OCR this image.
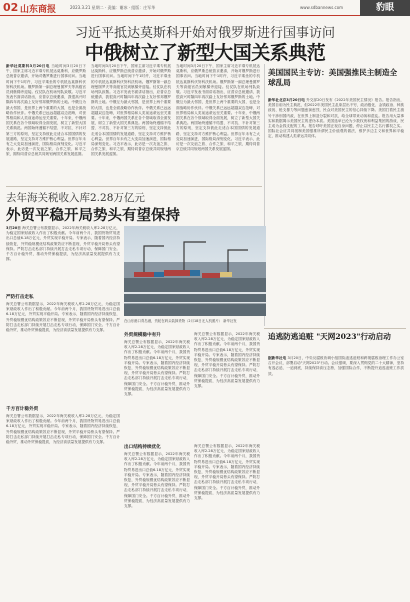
02 山东商报	2023.3.21 星期二 · 责编：谢冰 · 组版：庄军华	www.sdbannews.com	豹眼
习近平抵达莫斯科开始对俄罗斯进行国事访问
中俄树立了新型大国关系典范
新华社莫斯科3月20日电 当地时间3月20日下午，国家主席习近平乘专机抵达莫斯科，应俄罗斯总统普京邀请，开始对俄罗斯进行国事访问。当地时间下午1时许，习近平乘坐的专机抵达莫斯科伏努科沃机场。俄罗斯第一副总理曼图罗夫等高级官员到舷梯旁迎接。仪仗队在机场列队致敬。习近平发表书面讲话指出，应普京总统邀请，我很高兴时隔四年再次踏上友好邻邦俄罗斯的土地。中俄互为最大邻国，是世界上两个重要的大国，也是全面战略协作伙伴。中俄关系已远远超越双边范畴，对世界格局和人类前途命运至关重要。十年来，中俄两国关系在各个领域取得全面发展，树立了新型大国关系典范。两国始终遵循不结盟、不对抗、不针对第三方的原则，坚定支持彼此走适合本国国情的发展道路，坚定支持对方维护核心利益。世界百年未有之大变局加速演进，国际格局深刻变化。习近平表示，此访是一次友谊之旅、合作之旅、和平之旅，期待同普京总统共同规划两国关系发展蓝图。
当地时间3月20日下午，国家主席习近平乘专机抵达莫斯科，应俄罗斯总统普京邀请，开始对俄罗斯进行国事访问。当地时间下午1时许，习近平乘坐的专机抵达莫斯科伏努科沃机场。俄罗斯第一副总理曼图罗夫等高级官员到舷梯旁迎接。仪仗队在机场列队致敬。习近平发表书面讲话指出，应普京总统邀请，我很高兴时隔四年再次踏上友好邻邦俄罗斯的土地。中俄互为最大邻国，是世界上两个重要的大国，也是全面战略协作伙伴。中俄关系已远远超越双边范畴，对世界格局和人类前途命运至关重要。十年来，中俄两国关系在各个领域取得全面发展，树立了新型大国关系典范。两国始终遵循不结盟、不对抗、不针对第三方的原则，坚定支持彼此走适合本国国情的发展道路，坚定支持对方维护核心利益。世界百年未有之大变局加速演进，国际格局深刻变化。习近平表示，此访是一次友谊之旅、合作之旅、和平之旅，期待同普京总统共同规划两国关系发展蓝图。
当地时间3月20日下午，国家主席习近平乘专机抵达莫斯科，应俄罗斯总统普京邀请，开始对俄罗斯进行国事访问。当地时间下午1时许，习近平乘坐的专机抵达莫斯科伏努科沃机场。俄罗斯第一副总理曼图罗夫等高级官员到舷梯旁迎接。仪仗队在机场列队致敬。习近平发表书面讲话指出，应普京总统邀请，我很高兴时隔四年再次踏上友好邻邦俄罗斯的土地。中俄互为最大邻国，是世界上两个重要的大国，也是全面战略协作伙伴。中俄关系已远远超越双边范畴，对世界格局和人类前途命运至关重要。十年来，中俄两国关系在各个领域取得全面发展，树立了新型大国关系典范。两国始终遵循不结盟、不对抗、不针对第三方的原则，坚定支持彼此走适合本国国情的发展道路，坚定支持对方维护核心利益。世界百年未有之大变局加速演进，国际格局深刻变化。习近平表示，此访是一次友谊之旅、合作之旅、和平之旅，期待同普京总统共同规划两国关系发展蓝图。
美国国民主专访：美国强推民主制造全球乱局
新华社北京3月20日电 外交部20日发布《2022年美国民主情况》报告。报告指出，美国自诩为民主典范，但2022年美国民主乱象层出不穷，政治极化、金钱政治、种族歧视、枪支暴力等问题愈演愈烈，民众对美国民主的信心持续下降。美国打着民主旗号干涉别国内政，在世界上制造分裂和对抗，给全球带来动荡和混乱。报告用大量事实和数据揭示美国民主的虚伪本质。美国选举已沦为少数权贵和利益集团的游戏，民主成为金钱支配的工具。报告呼吁美国正视自身问题，停止以民主之名行霸权之实。国际社会应共同抵制美国强推所谓民主价值观的做法，维护多边主义和世界和平稳定，推动构建人类命运共同体。
去年海关税收入库2.28万亿元
外贸平稳开局势头有望保持
3月20日 海关总署公布数据显示，2022年海关税收入库2.28万亿元，为稳定国家财政收入作出了积极贡献。今年前两个月，我国货物贸易进出口总值6.18万亿元，外贸实现平稳开局。专家表示，随着国内经济持续恢复，外贸稳规模优结构政策效应不断显现，外贸平稳开局势头有望保持。严防打击走私部门持续开展打击走私专项行动，保障国门安全。千方百计稳外贸，推动外贸保稳提质，为经济高质量发展提供有力支撑。
严防打击走私
海关总署公布数据显示，2022年海关税收入库2.28万亿元，为稳定国家财政收入作出了积极贡献。今年前两个月，我国货物贸易进出口总值6.18万亿元，外贸实现平稳开局。专家表示，随着国内经济持续恢复，外贸稳规模优结构政策效应不断显现，外贸平稳开局势头有望保持。严防打击走私部门持续开展打击走私专项行动，保障国门安全。千方百计稳外贸，推动外贸保稳提质，为经济高质量发展提供有力支撑。
千方百计稳外贸
海关总署公布数据显示，2022年海关税收入库2.28万亿元，为稳定国家财政收入作出了积极贡献。今年前两个月，我国货物贸易进出口总值6.18万亿元，外贸实现平稳开局。专家表示，随着国内经济持续恢复，外贸稳规模优结构政策效应不断显现，外贸平稳开局势头有望保持。严防打击走私部门持续开展打击走私专项行动，保障国门安全。千方百计稳外贸，推动外贸保稳提质，为经济高质量发展提供有力支撑。
在山东港口青岛港，货轮在码头装卸货物（2月18日无人机照片） 新华社发
外贸规模稳中有升
海关总署公布数据显示，2022年海关税收入库2.28万亿元，为稳定国家财政收入作出了积极贡献。今年前两个月，我国货物贸易进出口总值6.18万亿元，外贸实现平稳开局。专家表示，随着国内经济持续恢复，外贸稳规模优结构政策效应不断显现，外贸平稳开局势头有望保持。严防打击走私部门持续开展打击走私专项行动，保障国门安全。千方百计稳外贸，推动外贸保稳提质，为经济高质量发展提供有力支撑。
海关总署公布数据显示，2022年海关税收入库2.28万亿元，为稳定国家财政收入作出了积极贡献。今年前两个月，我国货物贸易进出口总值6.18万亿元，外贸实现平稳开局。专家表示，随着国内经济持续恢复，外贸稳规模优结构政策效应不断显现，外贸平稳开局势头有望保持。严防打击走私部门持续开展打击走私专项行动，保障国门安全。千方百计稳外贸，推动外贸保稳提质，为经济高质量发展提供有力支撑。
出口结构持续优化
海关总署公布数据显示，2022年海关税收入库2.28万亿元，为稳定国家财政收入作出了积极贡献。今年前两个月，我国货物贸易进出口总值6.18万亿元，外贸实现平稳开局。专家表示，随着国内经济持续恢复，外贸稳规模优结构政策效应不断显现，外贸平稳开局势头有望保持。严防打击走私部门持续开展打击走私专项行动，保障国门安全。千方百计稳外贸，推动外贸保稳提质，为经济高质量发展提供有力支撑。
海关总署公布数据显示，2022年海关税收入库2.28万亿元，为稳定国家财政收入作出了积极贡献。今年前两个月，我国货物贸易进出口总值6.18万亿元，外贸实现平稳开局。专家表示，随着国内经济持续恢复，外贸稳规模优结构政策效应不断显现，外贸平稳开局势头有望保持。严防打击走私部门持续开展打击走私专项行动，保障国门安全。千方百计稳外贸，推动外贸保稳提质，为经济高质量发展提供有力支撑。
追逃防逃追赃 "天网2023"行动启动
据新华社电 3月20日，中央反腐败协调小组国际追逃追赃和跨境腐败治理工作办公室召开会议，部署启动"天网2023"行动。会议强调，要深入贯彻党的二十大精神，坚持有逃必追、一追到底，持续保持高压态势，加强国际合作，不断提升追逃追赃工作质效。
